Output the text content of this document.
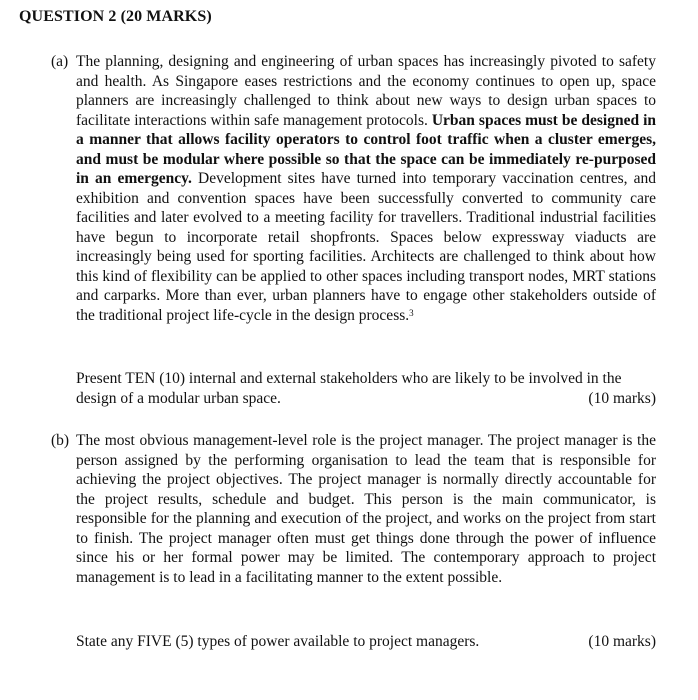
QUESTION 2 (20 MARKS)
(a) The planning, designing and engineering of urban spaces has increasingly pivoted to safety and health. As Singapore eases restrictions and the economy continues to open up, space planners are increasingly challenged to think about new ways to design urban spaces to facilitate interactions within safe management protocols. Urban spaces must be designed in a manner that allows facility operators to control foot traffic when a cluster emerges, and must be modular where possible so that the space can be immediately re-purposed in an emergency. Development sites have turned into temporary vaccination centres, and exhibition and convention spaces have been successfully converted to community care facilities and later evolved to a meeting facility for travellers. Traditional industrial facilities have begun to incorporate retail shopfronts. Spaces below expressway viaducts are increasingly being used for sporting facilities. Architects are challenged to think about how this kind of flexibility can be applied to other spaces including transport nodes, MRT stations and carparks. More than ever, urban planners have to engage other stakeholders outside of the traditional project life-cycle in the design process.$^3$
Present TEN (10) internal and external stakeholders who are likely to be involved in the design of a modular urban space.	(10 marks)
(b) The most obvious management-level role is the project manager. The project manager is the person assigned by the performing organisation to lead the team that is responsible for achieving the project objectives. The project manager is normally directly accountable for the project results, schedule and budget. This person is the main communicator, is responsible for the planning and execution of the project, and works on the project from start to finish. The project manager often must get things done through the power of influence since his or her formal power may be limited. The contemporary approach to project management is to lead in a facilitating manner to the extent possible.
State any FIVE (5) types of power available to project managers.	(10 marks)
